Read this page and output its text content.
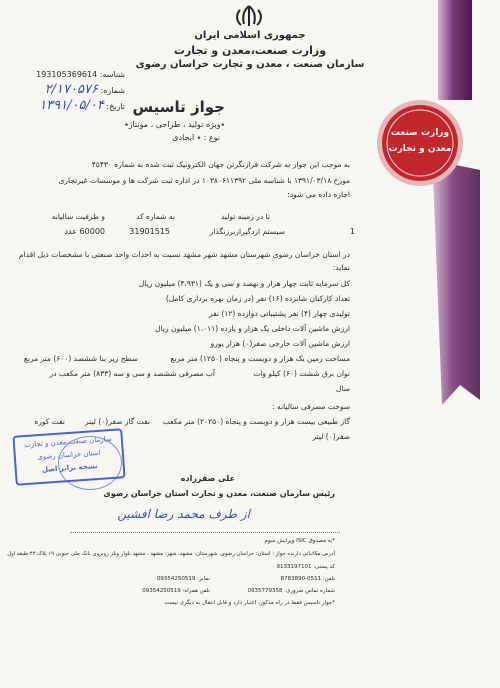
وزارت صنعت
معدن و تجارت
جمهوری اسلامی ایران
وزارت صنعت،معدن و تجارت
سازمان صنعت ، معدن و تجارت خراسان رضوی
شناسه: 193105369614
شماره: ۲/۱۷۰۵۷۶
تاریخ: ۱۳۹۱/۰۵/۰۴	جواز تاسیس
٭ویژه تولید ، طراحی ، مونتاژ٭
نوع : ٭ ایجادی
به موجب این جواز به شرکت فرازنگرتن جهان الکترونیک ثبت شده به شماره ۴۵۴۳۰
مورخ ۱۳۹۱/۰۳/۱۸ با شناسه ملی ۱۰۳۸۰۶۱۱۳۹۲ در اداره ثبت شرکت ها و موسسات غیرتجاری
اجازه داده می شود:
تا در زمینه تولید
به شماره کد
و ظرفیت سالیانه
1
سیستم ازدگیرازبرزنگذار
31901515
60000 عدد
در استان خراسان رضوی شهرستان مشهد شهر مشهد نسبت به احداث واحد صنعتی با مشخصات ذیل اقدام
نماید:
کل سرمایه ثابت چهار هزار و نهصد و سی و یک (۴،۹۳۱) میلیون ریال
تعداد کارکنان شانزده (۱۶) نفر (در زمان بهره برداری کامل)
تولیدی چهار (۴) نفر پشتیبانی دوازده (۱۲) نفر
ارزش ماشین آلات داخلی یک هزار و یازده (۱،۰۱۱) میلیون ریال
ارزش ماشین آلات خارجی صفر(۰) هزار یورو
مساحت زمین یک هزار و دویست و پنجاه (۱۲۵۰) متر مربع
سطح زیر بنا ششصد (۶۰۰) متر مربع
توان برق ششت (۶۰) کیلو وات
آب مصرفی ششصد و سی و سه (۸۳۳) متر مکعب در
سال
سوخت مصرفی سالیانه :
گاز طبیعی بیست هزار و دویست و پنجاه (۲۰۲۵۰) متر مکعب
نفت گاز صفر(۰) لیتر
نفت کوره
صفر(۰) لیتر
سازمان صنعت،معدن و تجارت
استان خراسان رضوی
نسخه برابر اصل
علی صفرزاده
رئیس سازمان صنعت، معدن و تجارت استان خراسان رضوی
از طرف محمد رضا افشین
*به مصدوق ISIC ویرایش سوم
آدرس مکاتباتی دارنده جواز : استان: خراسان رضوی، شهرستان: مشهد، شهر: مشهد ، مشهد بلوار ویلز روبروی بانک ملی جنوبی ۱۹ پلاک ۴۴ طبقه اول
کد پستی: 9133197101
تلفن: 0511-8783890
شماره تماس ضروری: 0935779358
نمابر: 09354250519
تلفن همراه: 09354250519
*جواز تاسیس فقط در راه مذکور، اعتبار دارد و قابل انتقال به دیگری نیست
